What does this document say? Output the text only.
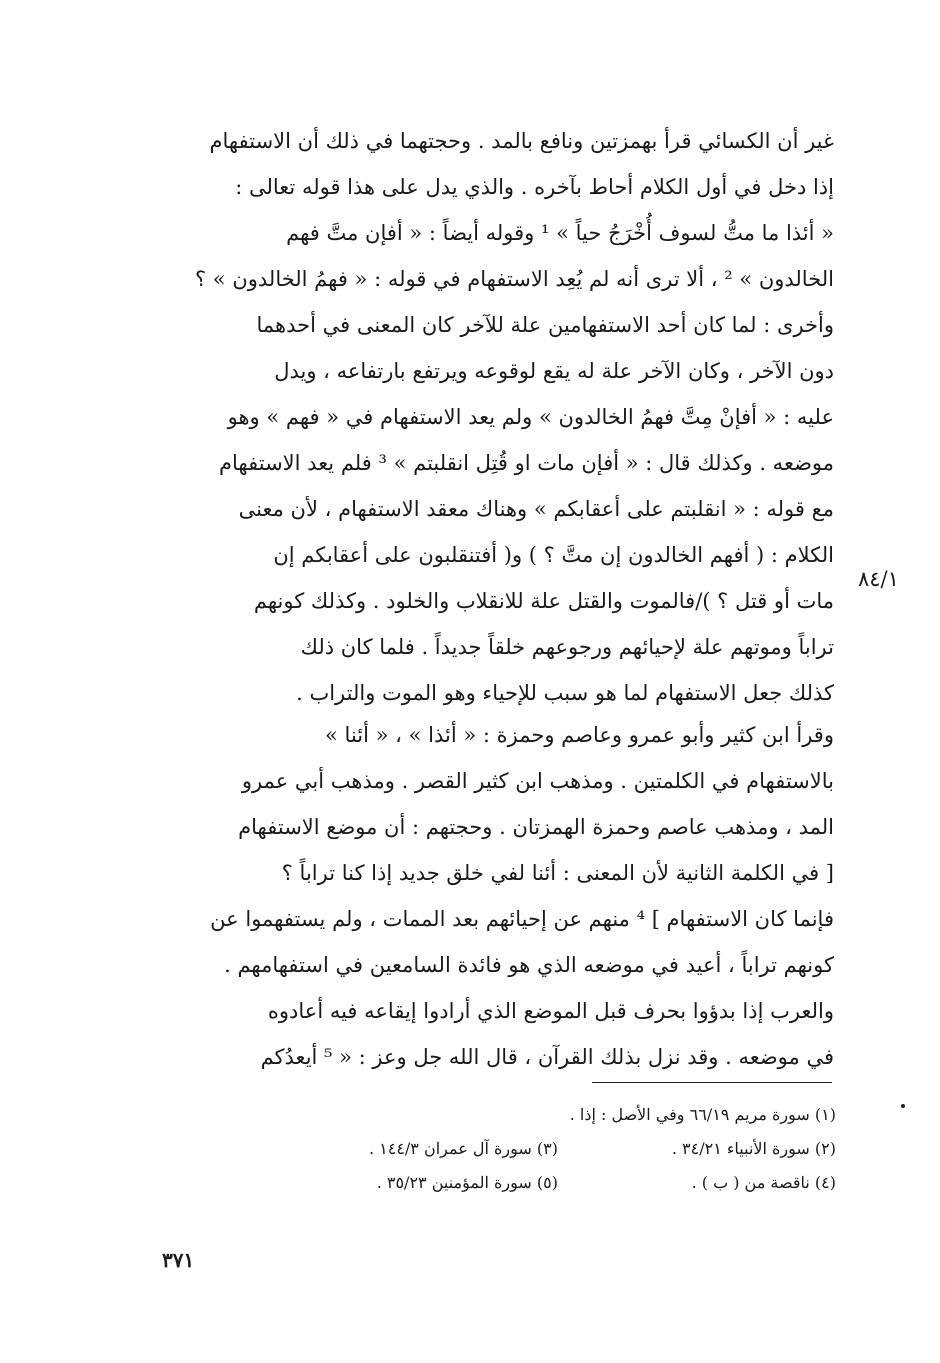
غير أن الكسائي قرأ بهمزتين ونافع بالمد . وحجتهما في ذلك أن الاستفهام
إذا دخل في أول الكلام أحاط بآخره . والذي يدل على هذا قوله تعالى :
« أئذا ما متُّ لسوف أُخْرَجُ حياً » ¹ وقوله أيضاً : « أفإن متَّ فهم
الخالدون » ² ، ألا ترى أنه لم يُعِد الاستفهام في قوله : « فهمُ الخالدون » ؟
وأخرى : لما كان أحد الاستفهامين علة للآخر كان المعنى في أحدهما
دون الآخر ، وكان الآخر علة له يقع لوقوعه ويرتفع بارتفاعه ، ويدل
عليه : « أفإنْ مِتَّ فهمُ الخالدون » ولم يعد الاستفهام في « فهم » وهو
موضعه . وكذلك قال : « أفإن مات او قُتِل انقلبتم » ³ فلم يعد الاستفهام
مع قوله : « انقلبتم على أعقابكم » وهناك معقد الاستفهام ، لأن معنى
الكلام : ( أفهم الخالدون إن متَّ ؟ ) و( أفتنقلبون على أعقابكم إن
مات أو قتل ؟ )/فالموت والقتل علة للانقلاب والخلود . وكذلك كونهم
تراباً وموتهم علة لإحيائهم ورجوعهم خلقاً جديداً . فلما كان ذلك
كذلك جعل الاستفهام لما هو سبب للإحياء وهو الموت والتراب .
٨٤/١
وقرأ ابن كثير وأبو عمرو وعاصم وحمزة : « أئذا » ، « أئنا »
بالاستفهام في الكلمتين . ومذهب ابن كثير القصر . ومذهب أبي عمرو
المد ، ومذهب عاصم وحمزة الهمزتان . وحجتهم : أن موضع الاستفهام
[ في الكلمة الثانية لأن المعنى : أئنا لفي خلق جديد إذا كنا تراباً ؟
فإنما كان الاستفهام ] ⁴ منهم عن إحيائهم بعد الممات ، ولم يستفهموا عن
كونهم تراباً ، أعيد في موضعه الذي هو فائدة السامعين في استفهامهم .
والعرب إذا بدؤوا بحرف قبل الموضع الذي أرادوا إيقاعه فيه أعادوه
في موضعه . وقد نزل بذلك القرآن ، قال الله جل وعز : « ⁵ أيعدُكم
(١) سورة مريم ٦٦/١٩ وفي الأصل : إذا .
(٢) سورة الأنبياء ٣٤/٢١ .
(٣) سورة آل عمران ١٤٤/٣ .
(٤) ناقصة من ( ب ) .
(٥) سورة المؤمنين ٣٥/٢٣ .
٣٧١
